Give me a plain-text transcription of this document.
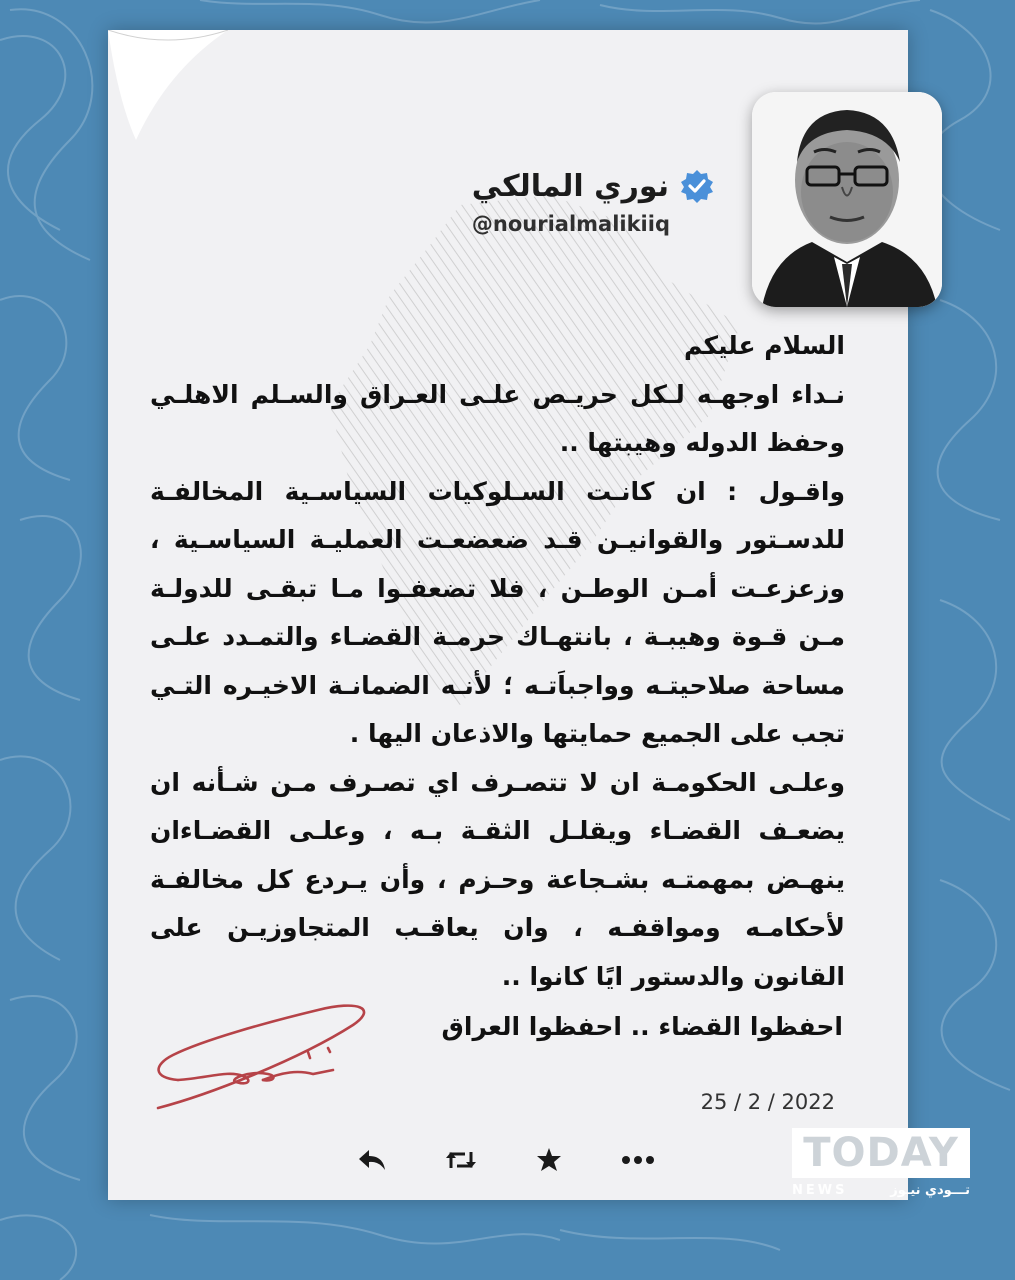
نوري المالكي
@nourialmalikiiq

السلام عليكم

نـداء اوجهـه لـكل حريـص علـى العـراق والسـلم الاهلـي وحفظ الدوله وهيبتها ..

واقـول : ان كانـت السـلوكيات السياسـية المخالفـة للدسـتور والقوانيـن قـد ضعضعـت العمليـة السياسـية ، وزعزعـت أمـن الوطـن ، فلا تضعفـوا مـا تبقـى للدولـة مـن قـوة وهيبـة ، بانتهـاك حرمـة القضـاء والتمـدد علـى مساحة صلاحيتـه وواجباَتـه ؛ لأنـه الضمانـة الاخيـره التـي تجب على الجميع حمايتها والاذعان اليها .

وعلـى الحكومـة ان لا تتصـرف اي تصـرف مـن شـأنه ان يضعـف القضـاء ويقلـل الثقـة بـه ، وعلـى القضـاءان ينهـض بمهمتـه بشـجاعة وحـزم ، وأن يـردع كل مخالفـة لأحكامـه ومواقفـه ، وان يعاقـب المتجاوزيـن على القانون والدستور ايًا كانوا ..

احفظوا القضاء .. احفظوا العراق
25 / 2 / 2022
TODAY
NEWS	تـــودي نيـوز
